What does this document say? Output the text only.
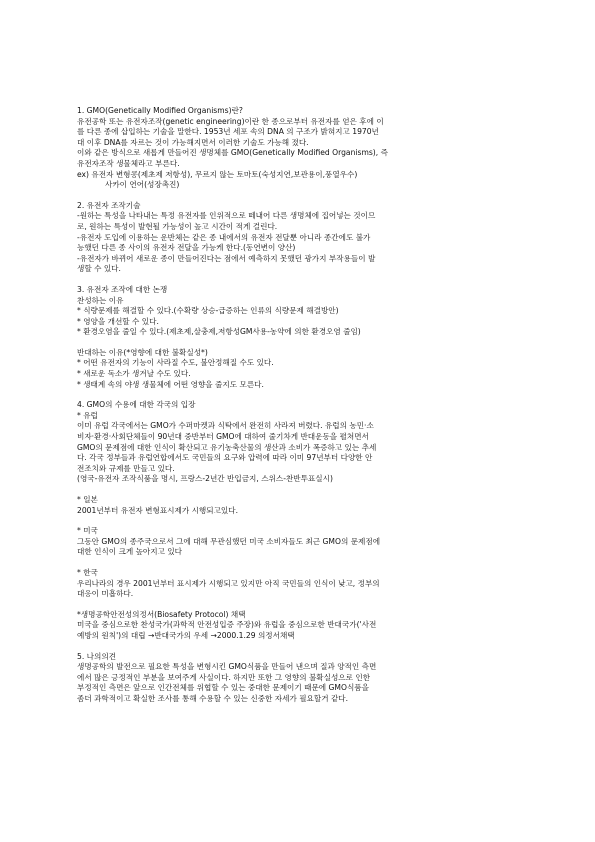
1. GMO(Genetically Modified Organisms)란?
유전공학 또는 유전자조작(genetic engineering)이란 한 종으로부터 유전자를 얻은 후에 이
를 다른 종에 삽입하는 기술을 말한다. 1953년 세포 속의 DNA 의 구조가 밝혀지고 1970년
대 이후 DNA를 자르는 것이 가능해지면서 이러한 기술도 가능해 졌다.
이와 같은 방식으로 새롭게 만들어진 생명체를 GMO(Genetically Modified Organisms), 즉
유전자조작 생물체라고 부른다.
ex) 유전자 변형콩(제초제 저항성), 무르지 않는 토마토(숙성지연,보관용이,풍열우수)
사카이 연어(성장촉진)
2. 유전자 조작기술
-원하는 특성을 나타내는 특정 유전자를 인위적으로 떼내어 다른 생명체에 집어넣는 것이므
로, 원하는 특성이 발현될 가능성이 높고 시간이 적게 걸린다.
-유전자 도입에 이용하는 운반체는 같은 종 내에서의 유전자 전달뿐 아니라 종간에도 불가
능했던 다른 종 사이의 유전자 전달을 가능케 한다.(동연변이 양산)
-유전자가 바뀌어 새로운 종이 만들어진다는 점에서 예측하지 못했던 광가지 부작용들이 발
생할 수 있다.
3. 유전자 조작에 대한 논쟁
찬성하는 이유
* 식량문제를 해결할 수 있다.(수확량 상승-급증하는 인류의 식량문제 해결방안)
* 영양을 개선할 수 있다.
* 환경오염을 줄일 수 있다.(제초제,살충제,저항성GM사용-농약에 의한 환경오염 줄임)
반대하는 이유(*영향에 대한 불확실성*)
* 어떤 유전자의 기능이 사라질 수도, 불안정해질 수도 있다.
* 새로운 독소가 생겨날 수도 있다.
* 생태계 속의 야생 생물체에 어떤 영향을 줄지도 모른다.
4. GMO의 수용에 대한 각국의 입장
* 유럽
이미 유럽 각국에서는 GMO가 수퍼마켓과 식탁에서 완전히 사라져 버렸다. 유럽의 농민·소
비자·환경·사회단체들이 90년대 중반부터 GMO에 대하여 줄기차게 반대운동을 펼쳐면서
GMO의 문제점에 대한 인식이 확산되고 유기농축산물의 생산과 소비가 폭증하고 있는 추세
다. 각국 정부들과 유럽연합에서도 국민들의 요구와 압력에 따라 이미 97년부터 다양한 안
전조치와 규제를 만들고 있다.
(영국-유전자 조작식품을 명시, 프랑스-2년간 반입금지, 스위스-찬반투표실시)
* 일본
2001년부터 유전자 변형표시제가 시행되고있다.
* 미국
그동안 GMO의 종주국으로서 그에 대해 무관심했던 미국 소비자들도 최근 GMO의 문제점에
대한 인식이 크게 높아지고 있다
* 한국
우리나라의 경우 2001년부터 표시제가 시행되고 있지만 아직 국민들의 인식이 낮고, 정부의
대응이 미흡하다.
*생명공학안전성의정서(Biosafety Protocol) 채택
미국을 중심으로한 찬성국가(과학적 안전성입증 주장)와 유럽을 중심으로한 반대국가('사전
예방의 원칙')의 대립 →반대국가의 우세 →2000.1.29 의정서채택
5. 나의의견
생명공학의 발전으로 필요한 특성을 변형시킨 GMO식품을 만들어 낸으며 질과 양적인 측면
에서 많은 긍정적인 부분을 보여주게 사실이다. 하지만 또한 그 영향의 불확실성으로 인한
부정적인 측면은 앞으로 인간전체를 위협할 수 있는 중대한 문제이기 때문에 GMO식품을
좀더 과학적이고 확실한 조사를 통해 수용할 수 있는 신중한 자세가 필요할거 같다.
